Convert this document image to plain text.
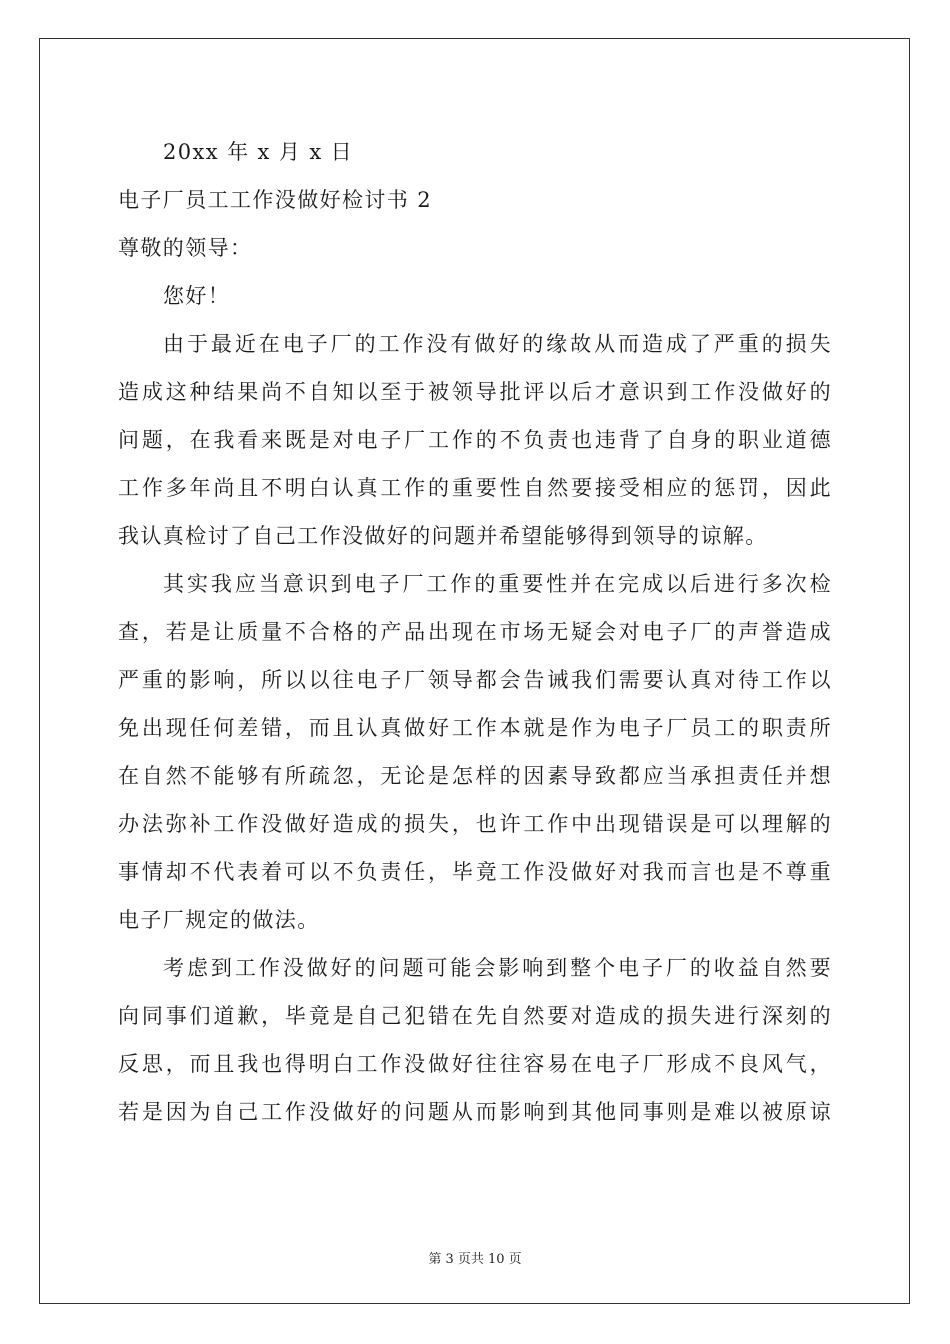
20xx 年 x 月 x 日
电子厂员工工作没做好检讨书 2
尊敬的领导：
您好！
由于最近在电子厂的工作没有做好的缘故从而造成了严重的损失
造成这种结果尚不自知以至于被领导批评以后才意识到工作没做好的
问题，在我看来既是对电子厂工作的不负责也违背了自身的职业道德
工作多年尚且不明白认真工作的重要性自然要接受相应的惩罚，因此
我认真检讨了自己工作没做好的问题并希望能够得到领导的谅解。
其实我应当意识到电子厂工作的重要性并在完成以后进行多次检
查，若是让质量不合格的产品出现在市场无疑会对电子厂的声誉造成
严重的影响，所以以往电子厂领导都会告诫我们需要认真对待工作以
免出现任何差错，而且认真做好工作本就是作为电子厂员工的职责所
在自然不能够有所疏忽，无论是怎样的因素导致都应当承担责任并想
办法弥补工作没做好造成的损失，也许工作中出现错误是可以理解的
事情却不代表着可以不负责任，毕竟工作没做好对我而言也是不尊重
电子厂规定的做法。
考虑到工作没做好的问题可能会影响到整个电子厂的收益自然要
向同事们道歉，毕竟是自己犯错在先自然要对造成的损失进行深刻的
反思，而且我也得明白工作没做好往往容易在电子厂形成不良风气，
若是因为自己工作没做好的问题从而影响到其他同事则是难以被原谅
第 3 页共 10 页
